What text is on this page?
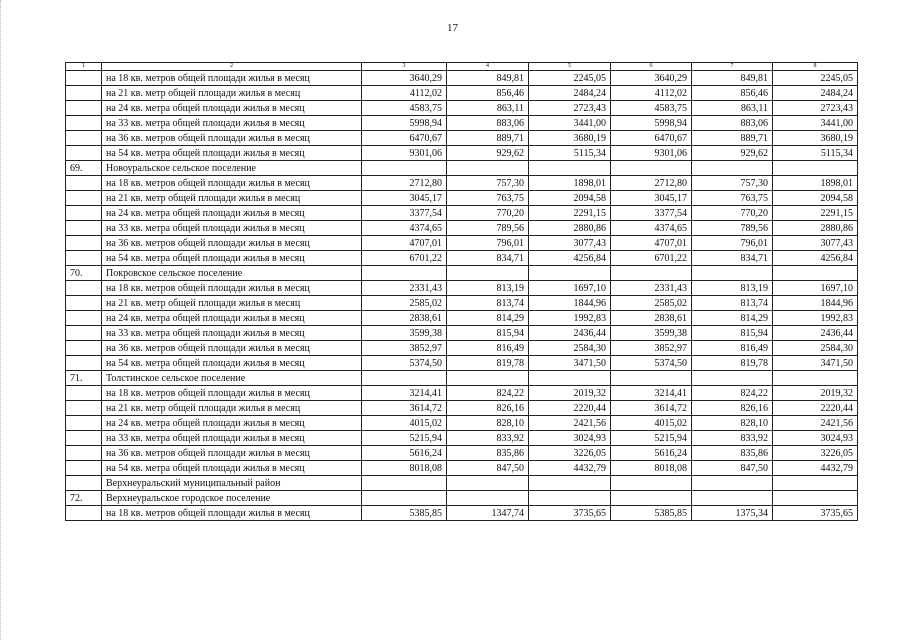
17
1	2	3	4	5	6	7	8
	на 18 кв. метров общей площади жилья в месяц	3640,29	849,81	2245,05	3640,29	849,81	2245,05
	на 21 кв. метр общей площади жилья в месяц	4112,02	856,46	2484,24	4112,02	856,46	2484,24
	на 24 кв. метра общей площади жилья в месяц	4583,75	863,11	2723,43	4583,75	863,11	2723,43
	на 33 кв. метра общей площади жилья в месяц	5998,94	883,06	3441,00	5998,94	883,06	3441,00
	на 36 кв. метров общей площади жилья в месяц	6470,67	889,71	3680,19	6470,67	889,71	3680,19
	на 54 кв. метра общей площади жилья в месяц	9301,06	929,62	5115,34	9301,06	929,62	5115,34
69.	Новоуральское сельское поселение						
	на 18 кв. метров общей площади жилья в месяц	2712,80	757,30	1898,01	2712,80	757,30	1898,01
	на 21 кв. метр общей площади жилья в месяц	3045,17	763,75	2094,58	3045,17	763,75	2094,58
	на 24 кв. метра общей площади жилья в месяц	3377,54	770,20	2291,15	3377,54	770,20	2291,15
	на 33 кв. метра общей площади жилья в месяц	4374,65	789,56	2880,86	4374,65	789,56	2880,86
	на 36 кв. метров общей площади жилья в месяц	4707,01	796,01	3077,43	4707,01	796,01	3077,43
	на 54 кв. метра общей площади жилья в месяц	6701,22	834,71	4256,84	6701,22	834,71	4256,84
70.	Покровское сельское поселение						
	на 18 кв. метров общей площади жилья в месяц	2331,43	813,19	1697,10	2331,43	813,19	1697,10
	на 21 кв. метр общей площади жилья в месяц	2585,02	813,74	1844,96	2585,02	813,74	1844,96
	на 24 кв. метра общей площади жилья в месяц	2838,61	814,29	1992,83	2838,61	814,29	1992,83
	на 33 кв. метра общей площади жилья в месяц	3599,38	815,94	2436,44	3599,38	815,94	2436,44
	на 36 кв. метров общей площади жилья в месяц	3852,97	816,49	2584,30	3852,97	816,49	2584,30
	на 54 кв. метра общей площади жилья в месяц	5374,50	819,78	3471,50	5374,50	819,78	3471,50
71.	Толстинское сельское поселение						
	на 18 кв. метров общей площади жилья в месяц	3214,41	824,22	2019,32	3214,41	824,22	2019,32
	на 21 кв. метр общей площади жилья в месяц	3614,72	826,16	2220,44	3614,72	826,16	2220,44
	на 24 кв. метра общей площади жилья в месяц	4015,02	828,10	2421,56	4015,02	828,10	2421,56
	на 33 кв. метра общей площади жилья в месяц	5215,94	833,92	3024,93	5215,94	833,92	3024,93
	на 36 кв. метров общей площади жилья в месяц	5616,24	835,86	3226,05	5616,24	835,86	3226,05
	на 54 кв. метра общей площади жилья в месяц	8018,08	847,50	4432,79	8018,08	847,50	4432,79
	Верхнеуральский муниципальный район						
72.	Верхнеуральское городское поселение						
	на 18 кв. метров общей площади жилья в месяц	5385,85	1347,74	3735,65	5385,85	1375,34	3735,65
